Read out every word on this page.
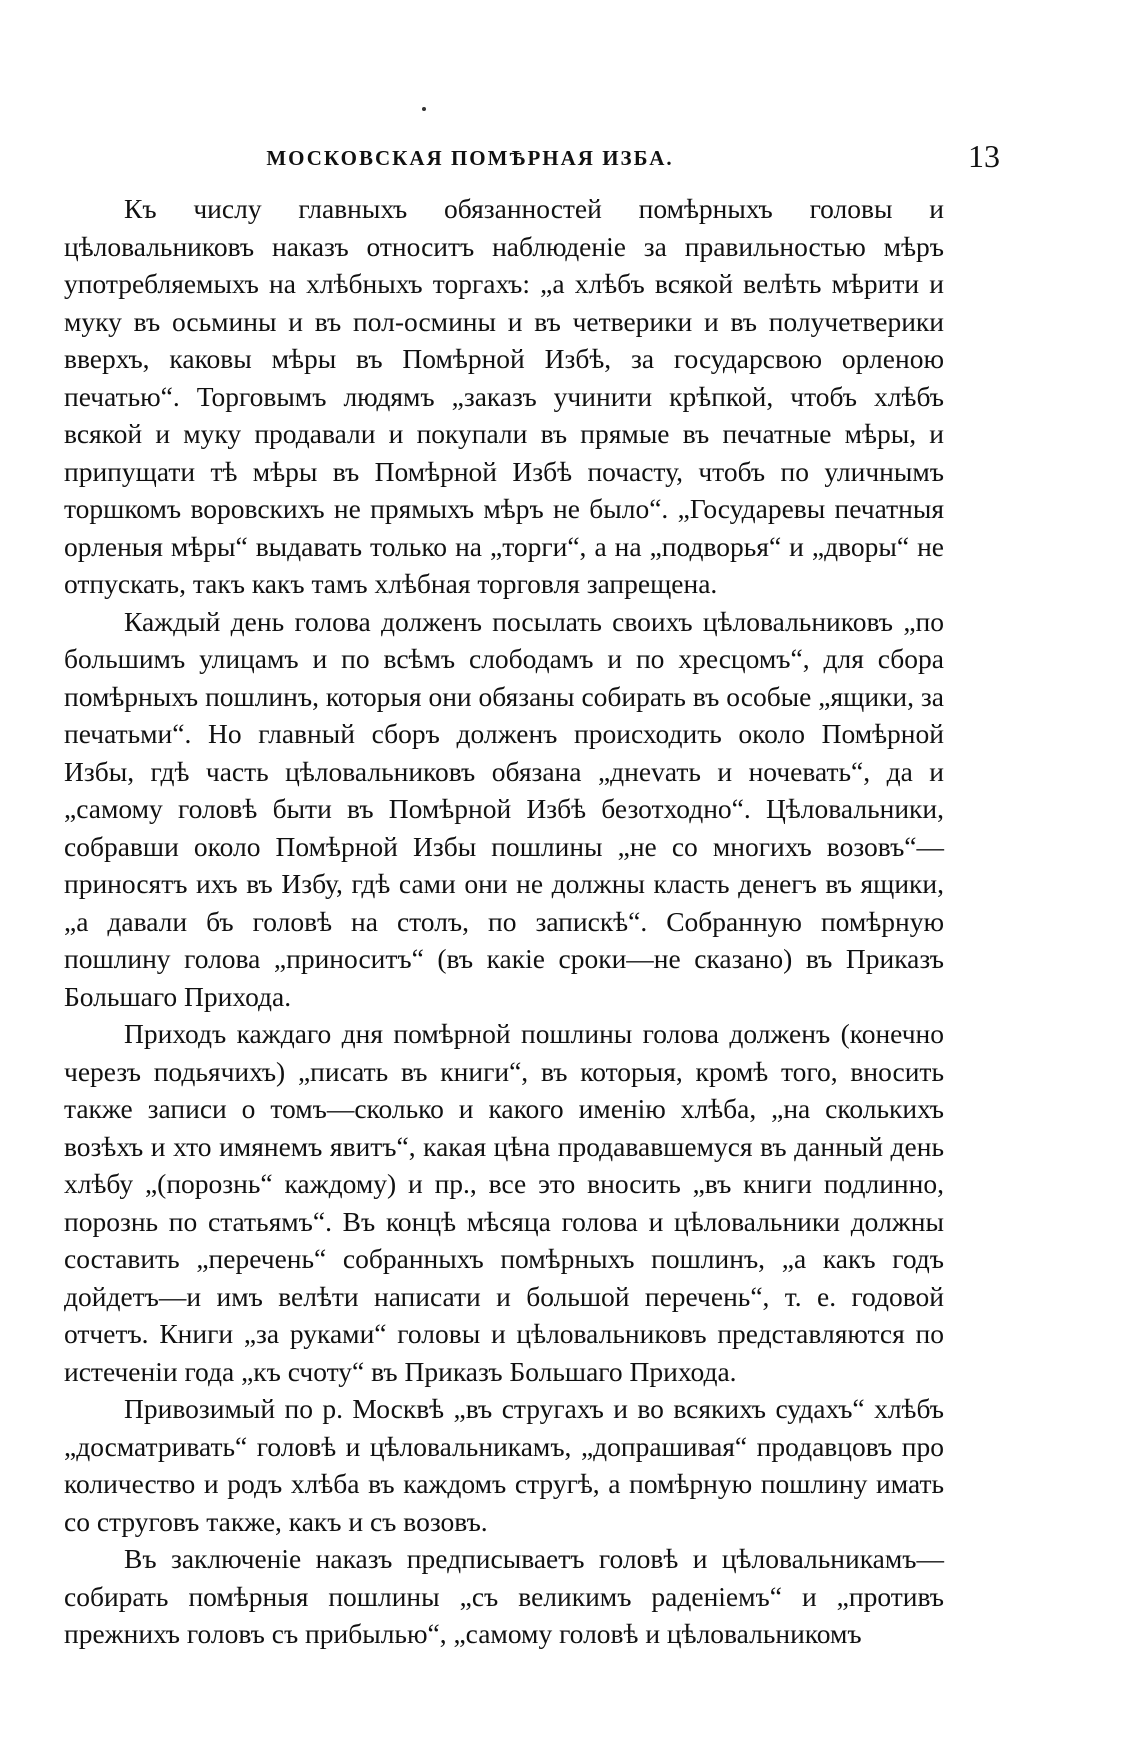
МОСКОВСКАЯ ПОМѢРНАЯ ИЗБА.	13

Къ числу главныхъ обязанностей помѣрныхъ головы и цѣловальниковъ наказъ относитъ наблюденіе за правильностью мѣръ употребляемыхъ на хлѣбныхъ торгахъ: „а хлѣбъ всякой велѣть мѣрити и муку въ осьмины и въ пол-осмины и въ четверики и въ получетверики вверхъ, каковы мѣры въ Помѣрной Избѣ, за государсвою орленою печатью“. Торговымъ людямъ „заказъ учинити крѣпкой, чтобъ хлѣбъ всякой и муку продавали и покупали въ прямые въ печатные мѣры, и припущати тѣ мѣры въ Помѣрной Избѣ почасту, чтобъ по уличнымъ торшкомъ воровскихъ не прямыхъ мѣръ не было“. „Государевы печатныя орленыя мѣры“ выдавать только на „торги“, а на „подворья“ и „дворы“ не отпускать, такъ какъ тамъ хлѣбная торговля запрещена.

Каждый день голова долженъ посылать своихъ цѣловальниковъ „по большимъ улицамъ и по всѣмъ слободамъ и по хресцомъ“, для сбора помѣрныхъ пошлинъ, которыя они обязаны собирать въ особые „ящики, за печатьми“. Но главный сборъ долженъ происходить около Помѣрной Избы, гдѣ часть цѣловальниковъ обязана „днevать и ночевать“, да и „самому головѣ быти въ Помѣрной Избѣ безотходно“. Цѣловальники, собравши около Помѣрной Избы пошлины „не со многихъ возовъ“—приносятъ ихъ въ Избу, гдѣ сами они не должны класть денегъ въ ящики, „а давали бъ головѣ на столъ, по запискѣ“. Собранную помѣрную пошлину голова „приноситъ“ (въ какіе сроки—не сказано) въ Приказъ Большаго Прихода.

Приходъ каждаго дня помѣрной пошлины голова долженъ (конечно черезъ подьячихъ) „писать въ книги“, въ которыя, кромѣ того, вносить также записи о томъ—сколько и какого именію хлѣба, „на сколькихъ возѣхъ и хто имянемъ явитъ“, какая цѣна продававшемуся въ данный день хлѣбу „(порознь“ каждому) и пр., все это вносить „въ книги подлинно, порознь по статьямъ“. Въ концѣ мѣсяца голова и цѣловальники должны составить „перечень“ собранныхъ помѣрныхъ пошлинъ, „а какъ годъ дойдетъ—и имъ велѣти написати и большой перечень“, т. е. годовой отчетъ. Книги „за руками“ головы и цѣловальниковъ представляются по истеченіи года „къ счоту“ въ Приказъ Большаго Прихода.

Привозимый по р. Москвѣ „въ стругахъ и во всякихъ судахъ“ хлѣбъ „досматривать“ головѣ и цѣловальникамъ, „допрашивая“ продавцовъ про количество и родъ хлѣба въ каждомъ стругѣ, а помѣрную пошлину имать со струговъ также, какъ и съ возовъ.

Въ заключеніе наказъ предписываетъ головѣ и цѣловальникамъ—собирать помѣрныя пошлины „съ великимъ раденіемъ“ и „противъ прежнихъ головъ съ прибылью“, „самому головѣ и цѣловальникомъ
